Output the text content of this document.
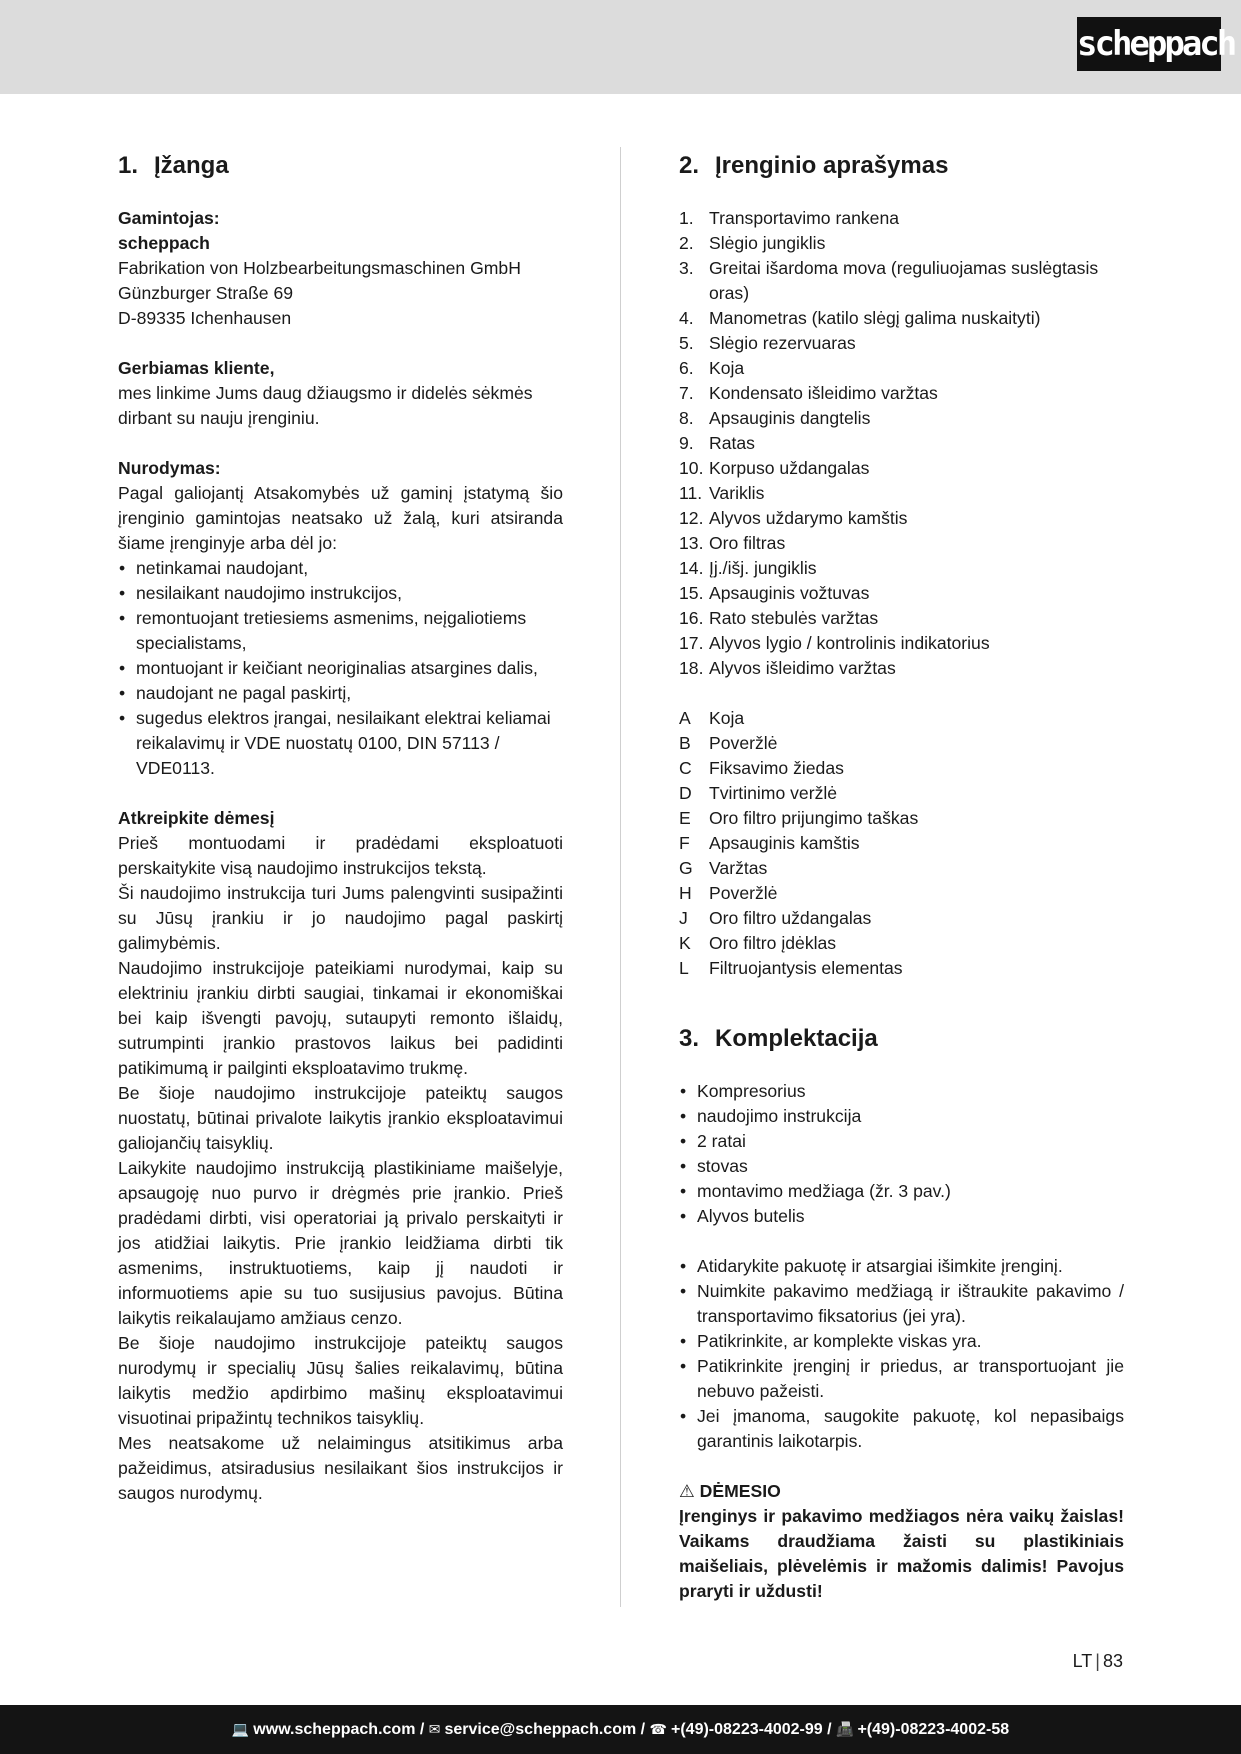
scheppach
1. Įžanga

Gamintojas:

scheppach

Fabrikation von Holzbearbeitungsmaschinen GmbH

Günzburger Straße 69

D-89335 Ichenhausen

Gerbiamas kliente,

mes linkime Jums daug džiaugsmo ir didelės sėkmės dirbant su nauju įrenginiu.

Nurodymas:

Pagal galiojantį Atsakomybės už gaminį įstatymą šio įrenginio gamintojas neatsako už žalą, kuri atsiranda šiame įrenginyje arba dėl jo:

• netinkamai naudojant,
• nesilaikant naudojimo instrukcijos,
• remontuojant tretiesiems asmenims, neįgaliotiems specialistams,
• montuojant ir keičiant neoriginalias atsargines dalis,
• naudojant ne pagal paskirtį,
• sugedus elektros įrangai, nesilaikant elektrai keliamai reikalavimų ir VDE nuostatų 0100, DIN 57113 / VDE0113.

Atkreipkite dėmesį

Prieš montuodami ir pradėdami eksploatuoti perskaitykite visą naudojimo instrukcijos tekstą.

Ši naudojimo instrukcija turi Jums palengvinti susipažinti su Jūsų įrankiu ir jo naudojimo pagal paskirtį galimybėmis.

Naudojimo instrukcijoje pateikiami nurodymai, kaip su elektriniu įrankiu dirbti saugiai, tinkamai ir ekonomiškai bei kaip išvengti pavojų, sutaupyti remonto išlaidų, sutrumpinti įrankio prastovos laikus bei padidinti patikimumą ir pailginti eksploatavimo trukmę.

Be šioje naudojimo instrukcijoje pateiktų saugos nuostatų, būtinai privalote laikytis įrankio eksploatavimui galiojančių taisyklių.

Laikykite naudojimo instrukciją plastikiniame maišelyje, apsaugoję nuo purvo ir drėgmės prie įrankio. Prieš pradėdami dirbti, visi operatoriai ją privalo perskaityti ir jos atidžiai laikytis. Prie įrankio leidžiama dirbti tik asmenims, instruktuotiems, kaip jį naudoti ir informuotiems apie su tuo susijusius pavojus. Būtina laikytis reikalaujamo amžiaus cenzo.

Be šioje naudojimo instrukcijoje pateiktų saugos nurodymų ir specialių Jūsų šalies reikalavimų, būtina laikytis medžio apdirbimo mašinų eksploatavimui visuotinai pripažintų technikos taisyklių.

Mes neatsakome už nelaimingus atsitikimus arba pažeidimus, atsiradusius nesilaikant šios instrukcijos ir saugos nurodymų.

2. Įrenginio aprašymas
1. Transportavimo rankena
2. Slėgio jungiklis
3. Greitai išardoma mova (reguliuojamas suslėgtasis oras)
4. Manometras (katilo slėgį galima nuskaityti)
5. Slėgio rezervuaras
6. Koja
7. Kondensato išleidimo varžtas
8. Apsauginis dangtelis
9. Ratas
10. Korpuso uždangalas
11. Variklis
12. Alyvos uždarymo kamštis
13. Oro filtras
14. Įj./išj. jungiklis
15. Apsauginis vožtuvas
16. Rato stebulės varžtas
17. Alyvos lygio / kontrolinis indikatorius
18. Alyvos išleidimo varžtas
A	Koja
B	Poveržlė
C Fiksavimo žiedas
D Tvirtinimo veržlė
E	Oro filtro prijungimo taškas
F	Apsauginis kamštis
G Varžtas
H Poveržlė
J	Oro filtro uždangalas
K	Oro filtro įdėklas
L	Filtruojantysis elementas
3. Komplektacija
• Kompresorius
• naudojimo instrukcija
• 2 ratai
• stovas
• montavimo medžiaga (žr. 3 pav.)
• Alyvos butelis
• Atidarykite pakuotę ir atsargiai išimkite įrenginį.
• Nuimkite pakavimo medžiagą ir ištraukite pakavimo / transportavimo fiksatorius (jei yra).
• Patikrinkite, ar komplekte viskas yra.
• Patikrinkite įrenginį ir priedus, ar transportuojant jie nebuvo pažeisti.
• Jei įmanoma, saugokite pakuotę, kol nepasibaigs garantinis laikotarpis.

⚠ DĖMESIO

Įrenginys ir pakavimo medžiagos nėra vaikų žaislas! Vaikams draudžiama žaisti su plastikiniais maišeliais, plėvelėmis ir mažomis dalimis! Pavojus praryti ir uždusti!

LT | 83
💻 www.scheppach.com / ✉ service@scheppach.com / ☎ +(49)-08223-4002-99 / 📠 +(49)-08223-4002-58
